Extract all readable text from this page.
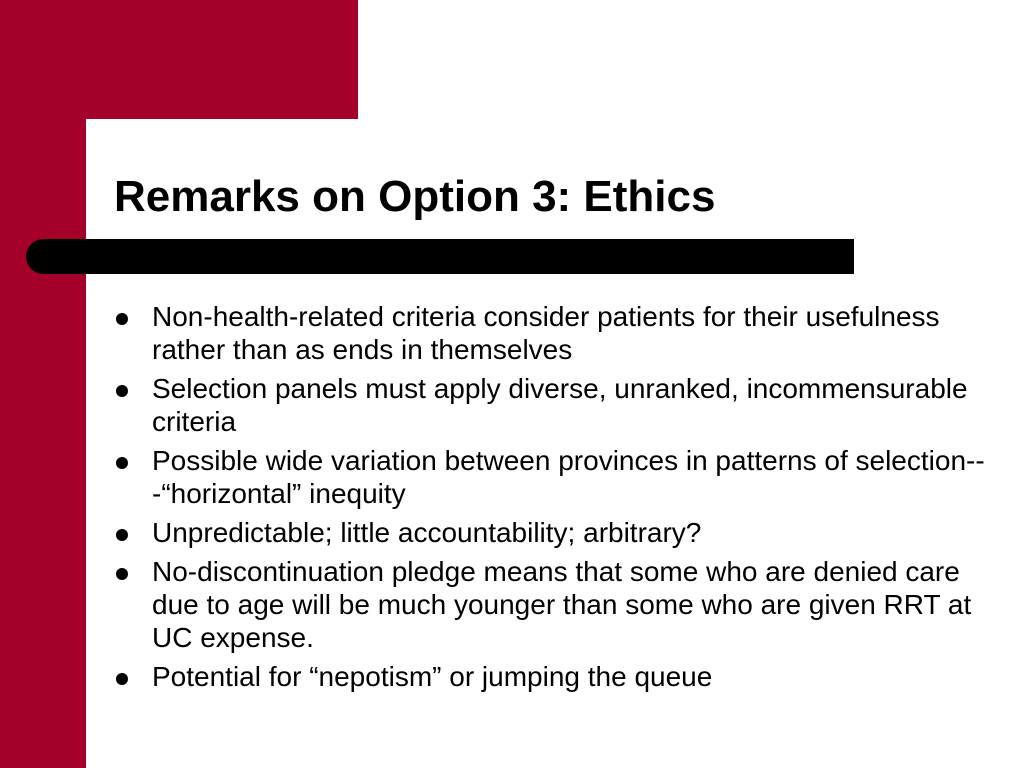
Remarks on Option 3: Ethics
Non-health-related criteria consider patients for their usefulness rather than as ends in themselves
Selection panels must apply diverse, unranked, incommensurable criteria
Possible wide variation between provinces in patterns of selection---“horizontal” inequity
Unpredictable; little accountability; arbitrary?
No-discontinuation pledge means that some who are denied care due to age will be much younger than some who are given RRT at UC expense.
Potential for “nepotism” or jumping the queue
